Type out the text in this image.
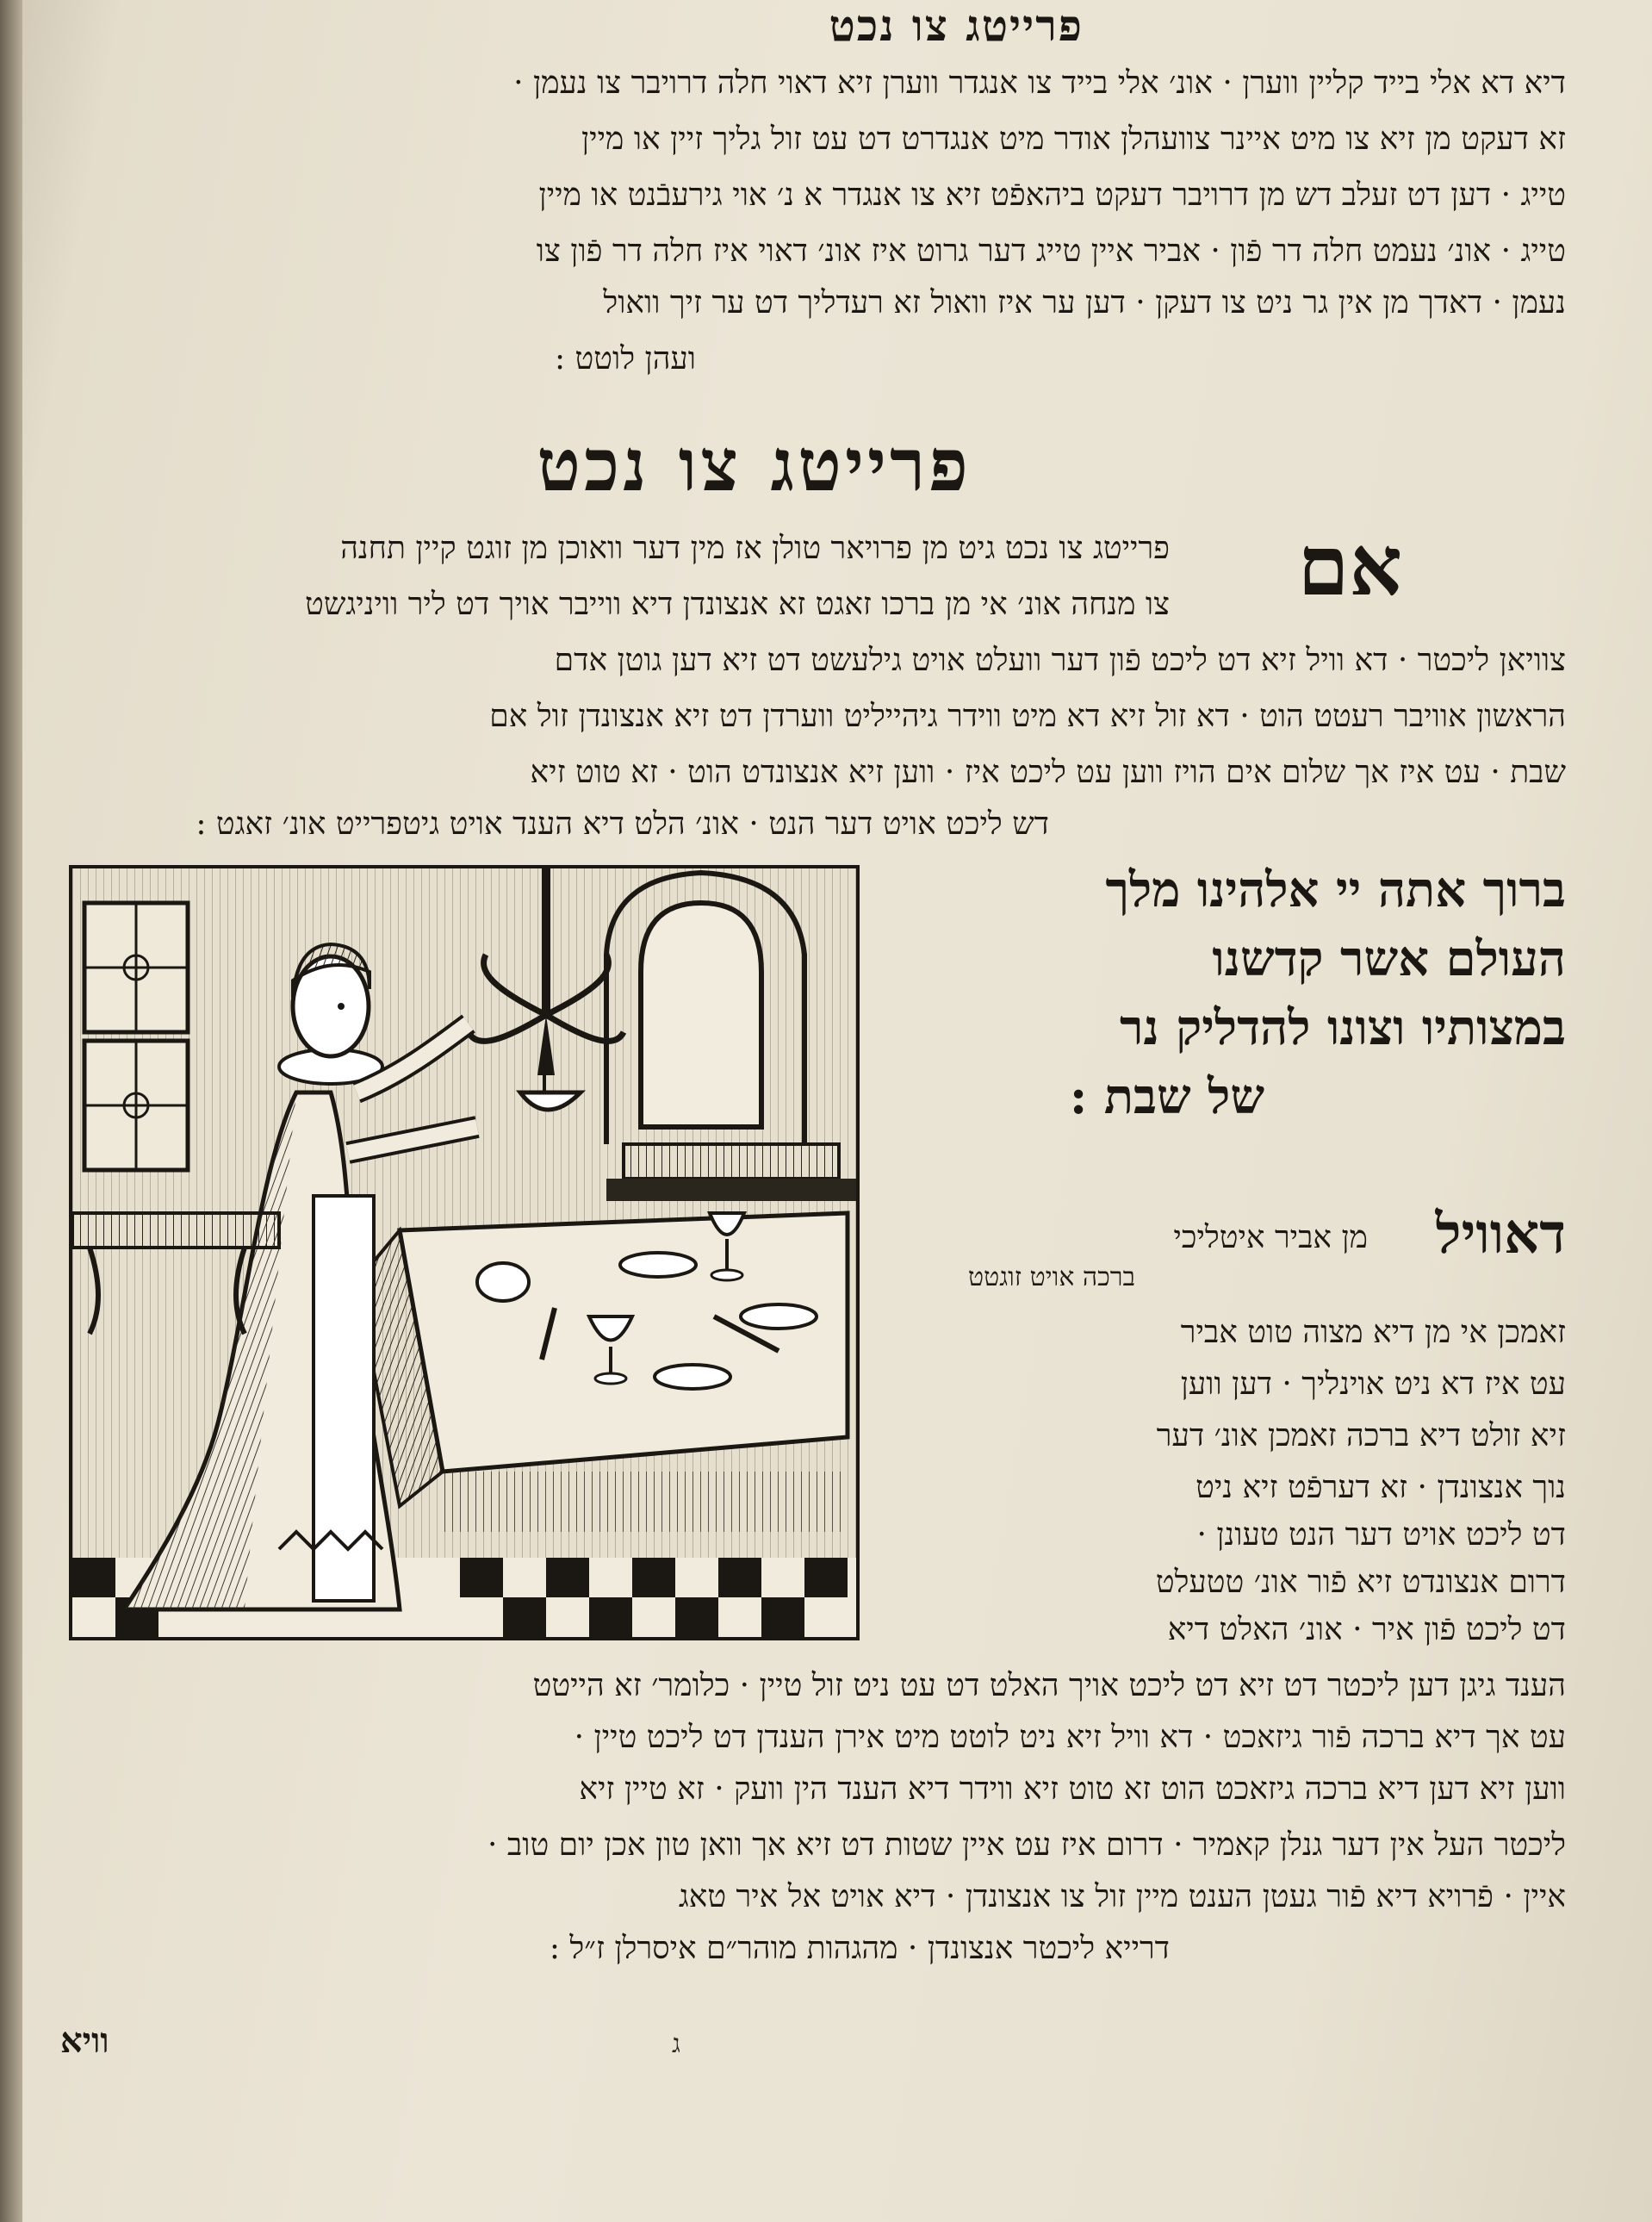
פרייטג צו נכט
דיא דא אלי בייד קליין ווערן · אונ׳ אלי בייד צו אנגדר ווערן זיא דאוי חלה דרויבר צו נעמן ·
זא דעקט מן זיא צו מיט איינר צוועהלן אודר מיט אנגדרט דט עט זול גליך זיין או מיין
טייג · דען דט זעלב דש מן דרויבר דעקט ביהאפֿט זיא צו אנגדר א נ׳ אוי גירעבֿנט או מיין
טייג · אונ׳ נעמט חלה דר פֿון · אביר איין טייג דער גרוט איז אונ׳ דאוי איז חלה דר פֿון צו
נעמן · דאדך מן אין גר ניט צו דעקן · דען ער איז וואול זא רעדליך דט ער זיך וואול
ועהן לוטט :
פרייטג צו נכט
אם
פרייטג צו נכט גיט מן פרויאר טולן אז מין דער וואוכן מן זוגט קיין תחנה
צו מנחה אונ׳ אי מן ברכו זאגט זא אנצונדן דיא ווייבר אויך דט ליר וויניגשט
צוויאן ליכטר · דא וויל זיא דט ליכט פֿון דער וועלט אויט גילעשט דט זיא דען גוטן אדם
הראשון אוויבר רעטט הוט · דא זול זיא דא מיט ווידר גיהייליט ווערדן דט זיא אנצונדן זול אם
שבת · עט איז אך שלום אים הויז ווען עט ליכט איז · ווען זיא אנצונדט הוט · זא טוט זיא
דש ליכט אויט דער הנט · אונ׳ הלט דיא הענד אויט גיטפרייט אונ׳ זאגט :
ברוך אתה יי אלהינו מלך
העולם אשר קדשנו
במצותיו וצונו להדליק נר
של שבת :
דאוויל
מן אביר איטליכי
ברכה אויט זוגטט
זאמכן אי מן דיא מצוה טוט אביר
עט איז דא ניט אוינליך · דען ווען
זיא זולט דיא ברכה זאמכן אונ׳ דער
נוך אנצונדן · זא דערפֿט זיא ניט
דט ליכט אויט דער הנט טעונן ·
דרום אנצונדט זיא פֿור אונ׳ טטעלט
דט ליכט פֿון איר · אונ׳ האלט דיא
הענד גיגן דען ליכטר דט זיא דט ליכט אויך האלט דט עט ניט זול טיין · כלומר׳ זא הייטט
עט אך דיא ברכה פֿור גיזאכט · דא וויל זיא ניט לוטט מיט אירן הענדן דט ליכט טיין ·
ווען זיא דען דיא ברכה גיזאכט הוט זא טוט זיא ווידר דיא הענד הין וועק · זא טיין זיא
ליכטר העל אין דער גנלן קאמיר · דרום איז עט איין שטות דט זיא אך וואן טון אכן יום טוב ·
איין · פֿרויא דיא פֿור געטן הענט מיין זול צו אנצונדן · דיא אויט אל איר טאג
דרייא ליכטר אנצונדן · מהגהות מוהר״ם איסרלן ז״ל :
וויא	ג
